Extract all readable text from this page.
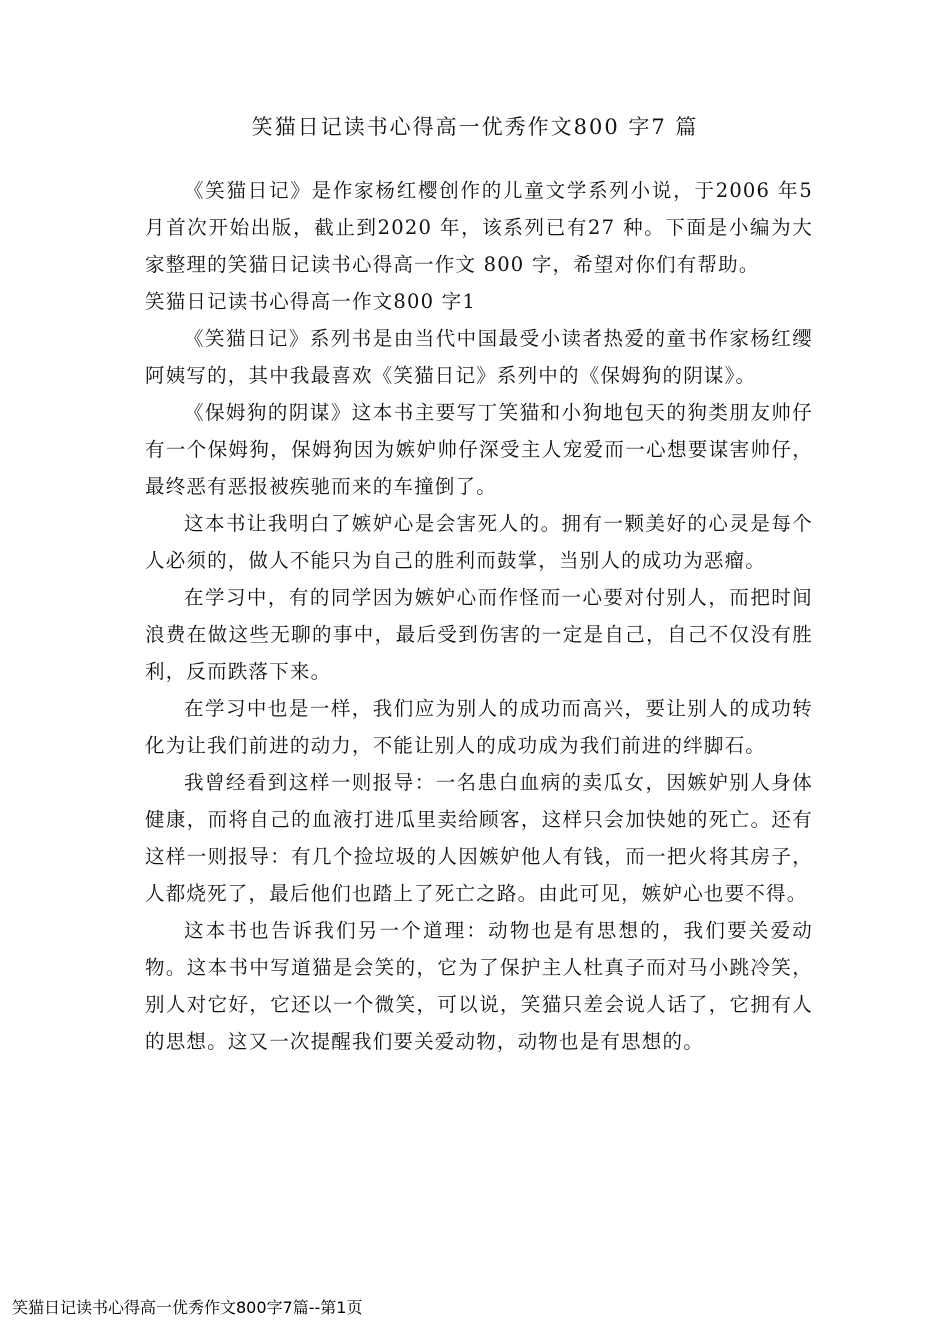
笑猫日记读书心得高一优秀作文800 字7 篇

《笑猫日记》是作家杨红樱创作的儿童文学系列小说，于2006 年5 月首次开始出版，截止到2020 年，该系列已有27 种。下面是小编为大家整理的笑猫日记读书心得高一作文 800 字，希望对你们有帮助。

笑猫日记读书心得高一作文800 字1

《笑猫日记》系列书是由当代中国最受小读者热爱的童书作家杨红缨阿姨写的，其中我最喜欢《笑猫日记》系列中的《保姆狗的阴谋》。

《保姆狗的阴谋》这本书主要写丁笑猫和小狗地包天的狗类朋友帅仔有一个保姆狗，保姆狗因为嫉妒帅仔深受主人宠爱而一心想要谋害帅仔，最终恶有恶报被疾驰而来的车撞倒了。

这本书让我明白了嫉妒心是会害死人的。拥有一颗美好的心灵是每个人必须的，做人不能只为自己的胜利而鼓掌，当别人的成功为恶瘤。

在学习中，有的同学因为嫉妒心而作怪而一心要对付别人，而把时间浪费在做这些无聊的事中，最后受到伤害的一定是自己，自己不仅没有胜利，反而跌落下来。

在学习中也是一样，我们应为别人的成功而高兴，要让别人的成功转化为让我们前进的动力，不能让别人的成功成为我们前进的绊脚石。

我曾经看到这样一则报导：一名患白血病的卖瓜女，因嫉妒别人身体健康，而将自己的血液打进瓜里卖给顾客，这样只会加快她的死亡。还有这样一则报导：有几个捡垃圾的人因嫉妒他人有钱，而一把火将其房子，人都烧死了，最后他们也踏上了死亡之路。由此可见，嫉妒心也要不得。

这本书也告诉我们另一个道理：动物也是有思想的，我们要关爱动物。这本书中写道猫是会笑的，它为了保护主人杜真子而对马小跳冷笑，别人对它好，它还以一个微笑，可以说，笑猫只差会说人话了，它拥有人的思想。这又一次提醒我们要关爱动物，动物也是有思想的。

笑猫日记读书心得高一优秀作文800字7篇--第1页
